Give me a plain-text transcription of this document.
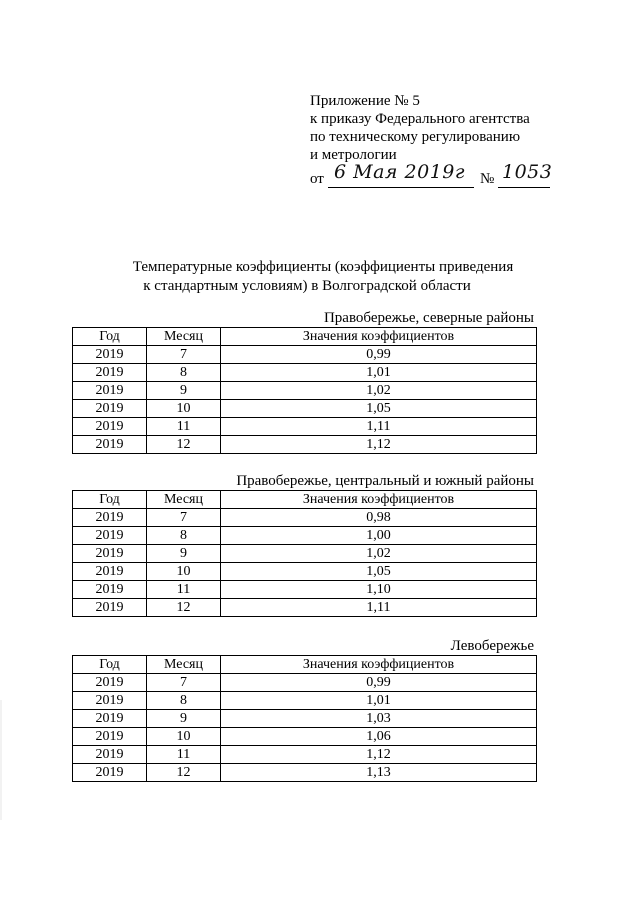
Приложение № 5
к приказу Федерального агентства
по техническому регулированию
и метрологии
от 6 Мая 2019г № 1053
Температурные коэффициенты (коэффициенты приведения
к стандартным условиям) в Волгоградской области
Правобережье, северные районы
Год	Месяц	Значения коэффициентов
2019	7	0,99
2019	8	1,01
2019	9	1,02
2019	10	1,05
2019	11	1,11
2019	12	1,12
Правобережье, центральный и южный районы
Год	Месяц	Значения коэффициентов
2019	7	0,98
2019	8	1,00
2019	9	1,02
2019	10	1,05
2019	11	1,10
2019	12	1,11
Левобережье
Год	Месяц	Значения коэффициентов
2019	7	0,99
2019	8	1,01
2019	9	1,03
2019	10	1,06
2019	11	1,12
2019	12	1,13
